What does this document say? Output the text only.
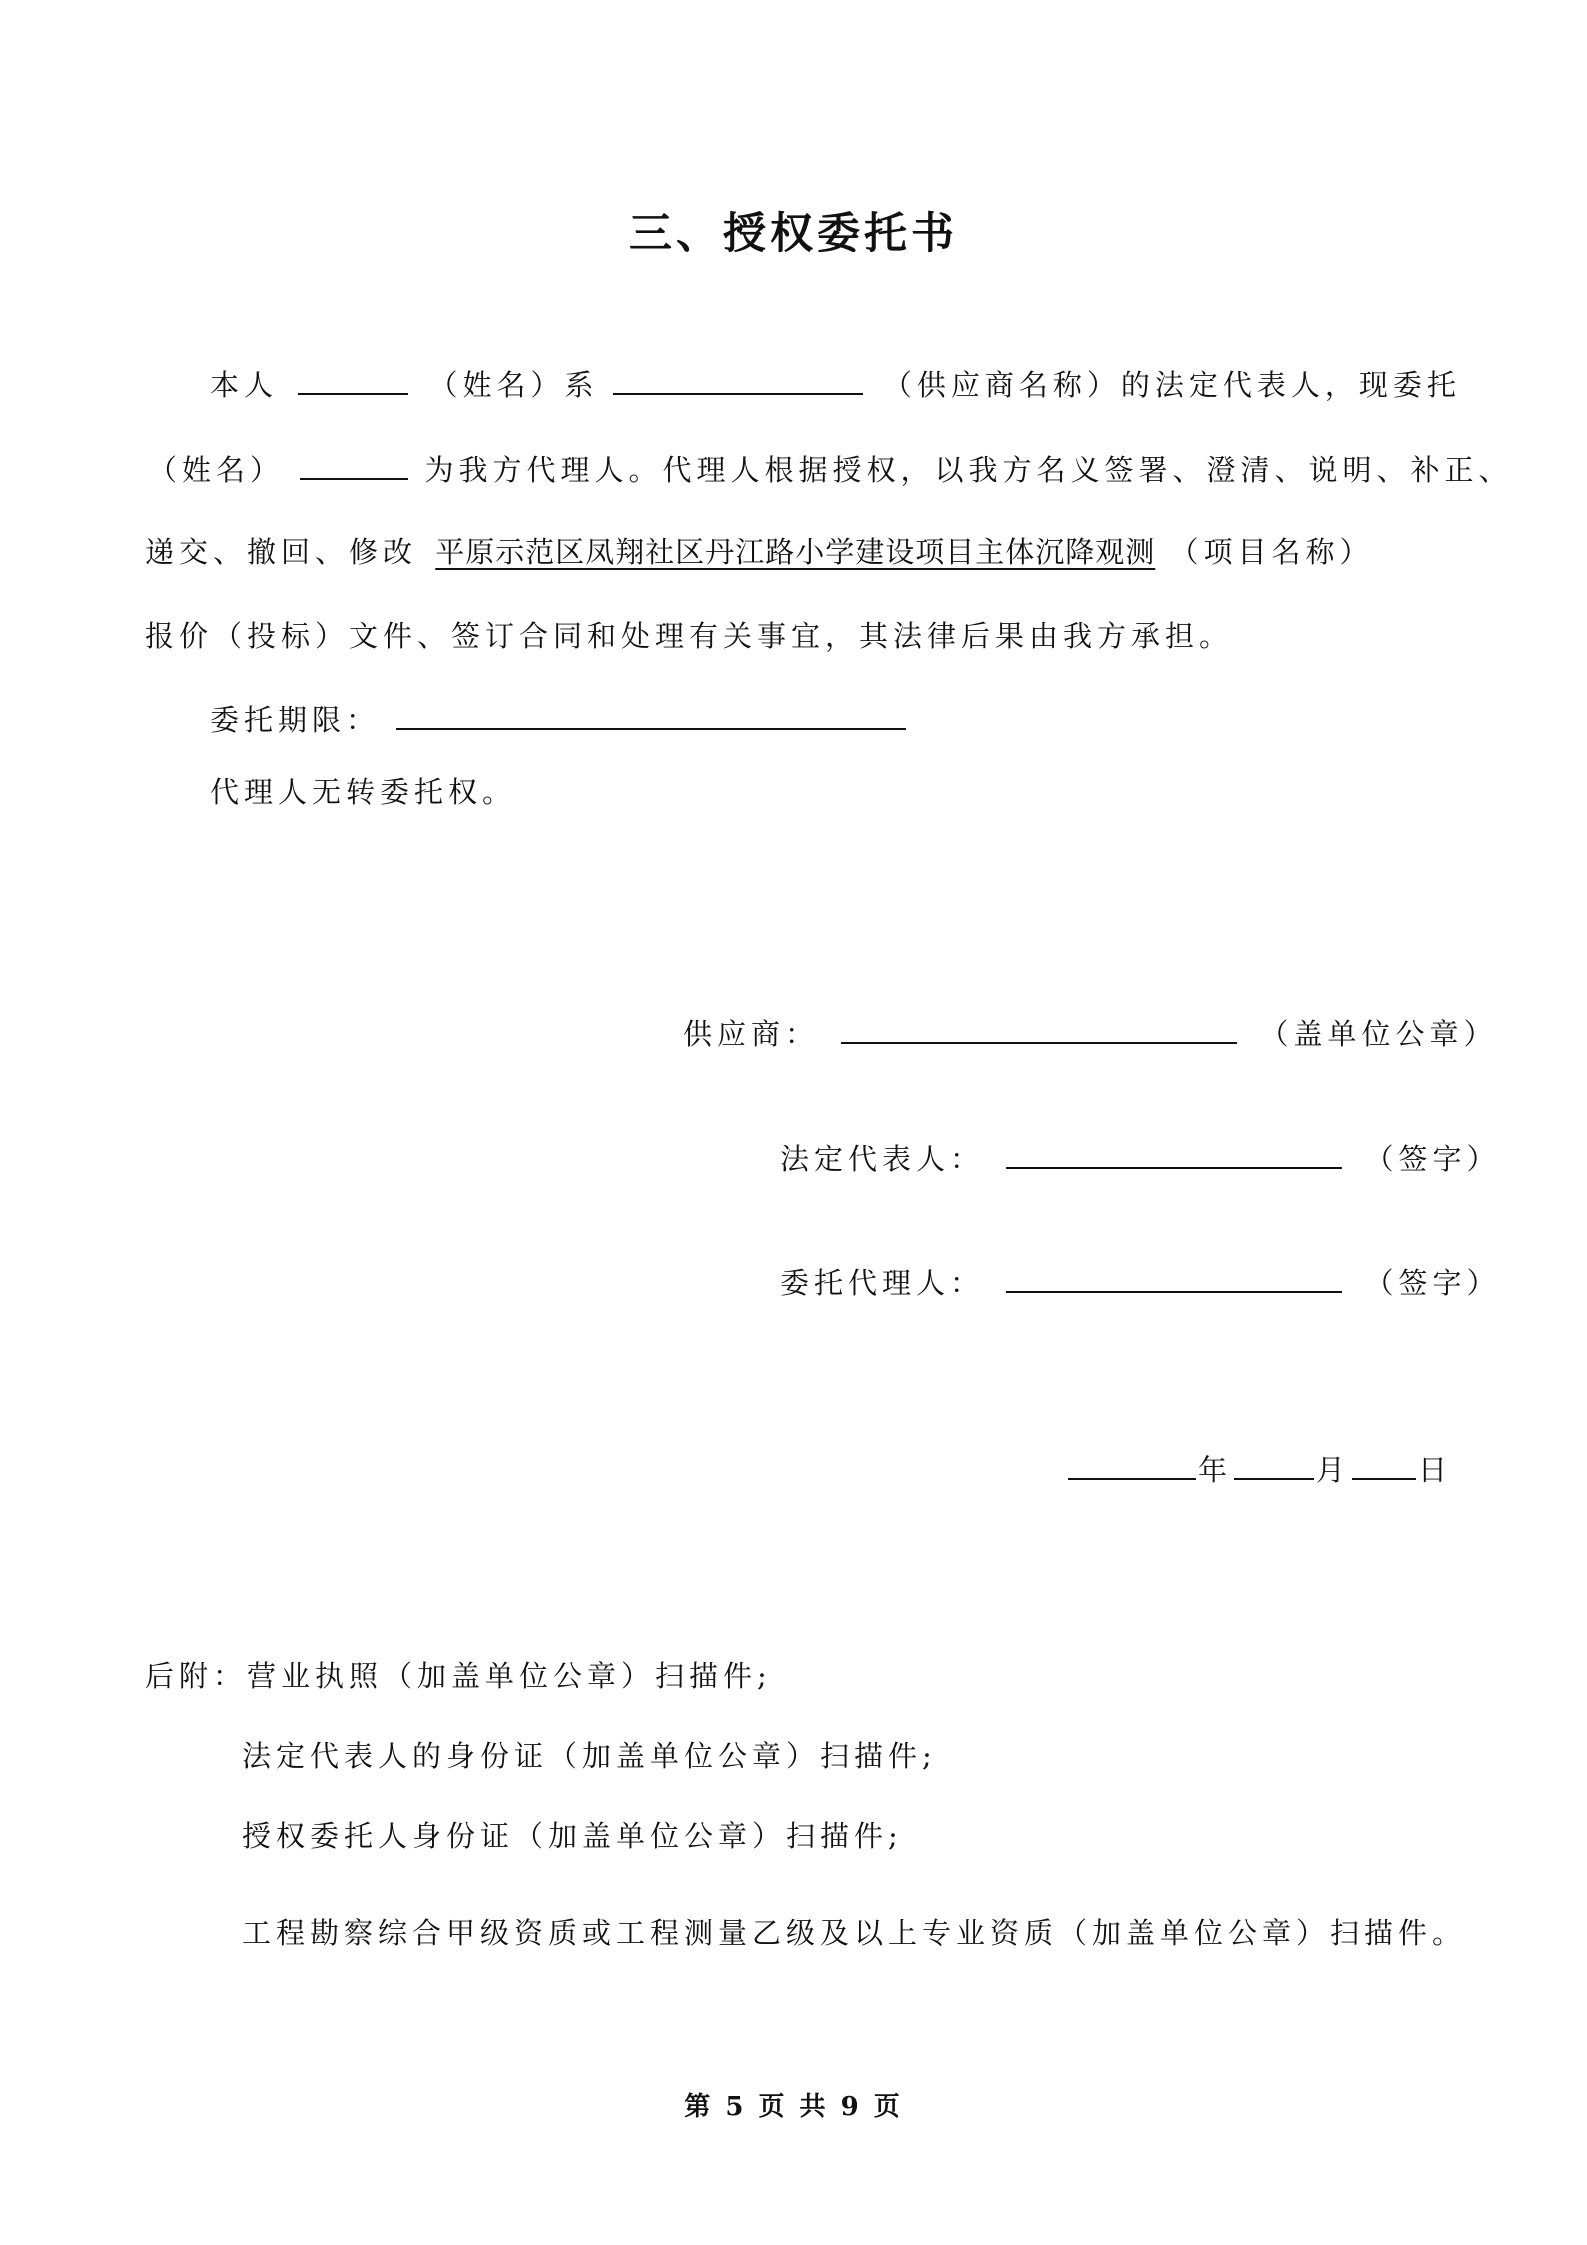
三、授权委托书
本人	（姓名）系	（供应商名称）的法定代表人，现委托
（姓名）	为我方代理人。代理人根据授权，以我方名义签署、澄清、说明、补正、
递交、撤回、修改 平原示范区凤翔社区丹江路小学建设项目主体沉降观测 （项目名称）
报价（投标）文件、签订合同和处理有关事宜，其法律后果由我方承担。
委托期限：
代理人无转委托权。
供应商：	（盖单位公章）
法定代表人：	（签字）
委托代理人：	（签字）
年	月 日
后附：营业执照（加盖单位公章）扫描件;
法定代表人的身份证（加盖单位公章）扫描件;
授权委托人身份证（加盖单位公章）扫描件;
工程勘察综合甲级资质或工程测量乙级及以上专业资质（加盖单位公章）扫描件。
第 5 页 共 9 页
